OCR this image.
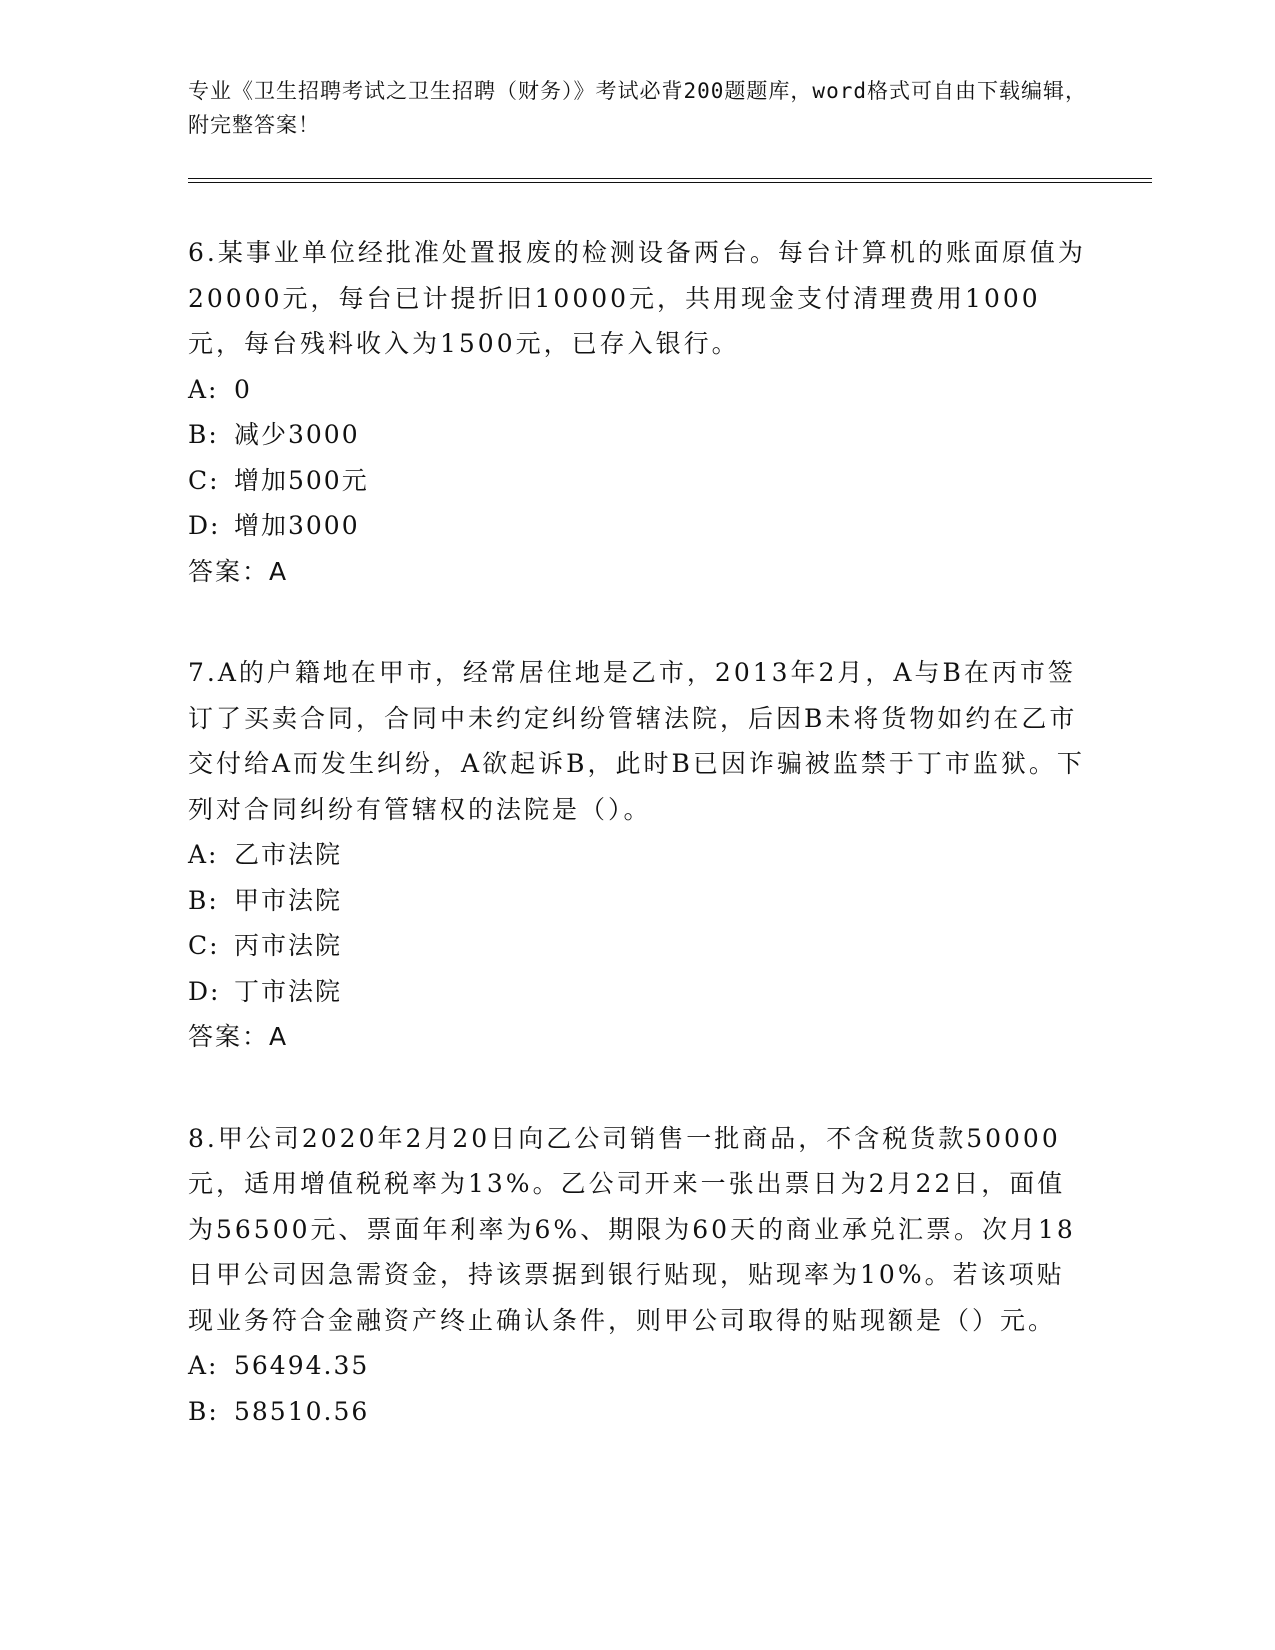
专业《卫生招聘考试之卫生招聘（财务）》考试必背200题题库，word格式可自由下载编辑，附完整答案！

6.某事业单位经批准处置报废的检测设备两台。每台计算机的账面原值为20000元，每台已计提折旧10000元，共用现金支付清理费用1000元，每台残料收入为1500元，已存入银行。

A: 0

B: 减少3000

C: 增加500元

D: 增加3000

答案：A

7.A的户籍地在甲市，经常居住地是乙市，2013年2月，A与B在丙市签订了买卖合同，合同中未约定纠纷管辖法院，后因B未将货物如约在乙市交付给A而发生纠纷，A欲起诉B，此时B已因诈骗被监禁于丁市监狱。下列对合同纠纷有管辖权的法院是（）。

A: 乙市法院

B: 甲市法院

C: 丙市法院

D: 丁市法院

答案：A

8.甲公司2020年2月20日向乙公司销售一批商品，不含税货款50000元，适用增值税税率为13%。乙公司开来一张出票日为2月22日，面值为56500元、票面年利率为6%、期限为60天的商业承兑汇票。次月18日甲公司因急需资金，持该票据到银行贴现，贴现率为10%。若该项贴现业务符合金融资产终止确认条件，则甲公司取得的贴现额是（）元。

A: 56494.35

B: 58510.56
